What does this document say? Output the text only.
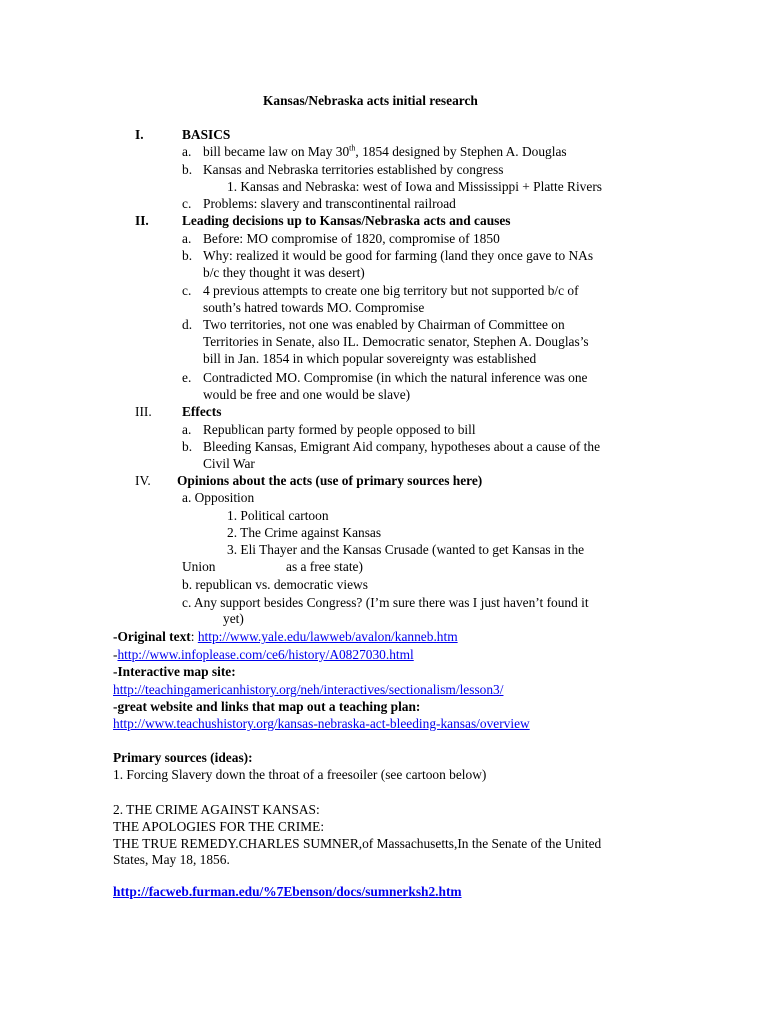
Kansas/Nebraska acts initial research
I.	BASICS
a. bill became law on May 30th, 1854 designed by Stephen A. Douglas
b. Kansas and Nebraska territories established by congress
1. Kansas and Nebraska: west of Iowa and Mississippi + Platte Rivers
c. Problems: slavery and transcontinental railroad
II. Leading decisions up to Kansas/Nebraska acts and causes
a. Before: MO compromise of 1820, compromise of 1850
b. Why: realized it would be good for farming (land they once gave to NAs
b/c they thought it was desert)
c. 4 previous attempts to create one big territory but not supported b/c of
south’s hatred towards MO. Compromise
d. Two territories, not one was enabled by Chairman of Committee on
Territories in Senate, also IL. Democratic senator, Stephen A. Douglas’s
bill in Jan. 1854 in which popular sovereignty was established
e. Contradicted MO. Compromise (in which the natural inference was one
would be free and one would be slave)
III. Effects
a. Republican party formed by people opposed to bill
b. Bleeding Kansas, Emigrant Aid company, hypotheses about a cause of the
Civil War
IV. Opinions about the acts (use of primary sources here)
a. Opposition
1. Political cartoon
2. The Crime against Kansas
3. Eli Thayer and the Kansas Crusade (wanted to get Kansas in the
Union	as a free state)
b. republican vs. democratic views
c. Any support besides Congress? (I’m sure there was I just haven’t found it
yet)
-Original text: http://www.yale.edu/lawweb/avalon/kanneb.htm
-http://www.infoplease.com/ce6/history/A0827030.html
-Interactive map site:
http://teachingamericanhistory.org/neh/interactives/sectionalism/lesson3/
-great website and links that map out a teaching plan:
http://www.teachushistory.org/kansas-nebraska-act-bleeding-kansas/overview
Primary sources (ideas):
1. Forcing Slavery down the throat of a freesoiler (see cartoon below)
2. THE CRIME AGAINST KANSAS:
THE APOLOGIES FOR THE CRIME:
THE TRUE REMEDY.CHARLES SUMNER,of Massachusetts,In the Senate of the United
States, May 18, 1856.
http://facweb.furman.edu/%7Ebenson/docs/sumnerksh2.htm
